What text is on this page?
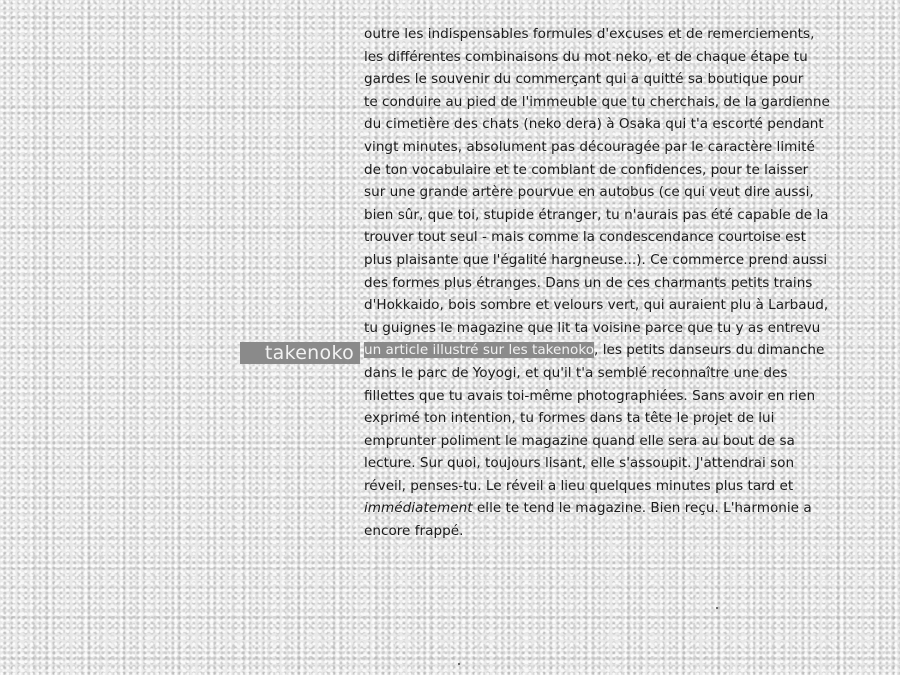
takenoko
outre les indispensables formules d'excuses et de remerciements,
les différentes combinaisons du mot neko, et de chaque étape tu
gardes le souvenir du commerçant qui a quitté sa boutique pour
te conduire au pied de l'immeuble que tu cherchais, de la gardienne
du cimetière des chats (neko dera) à Osaka qui t'a escorté pendant
vingt minutes, absolument pas découragée par le caractère limité
de ton vocabulaire et te comblant de confidences, pour te laisser
sur une grande artère pourvue en autobus (ce qui veut dire aussi,
bien sûr, que toi, stupide étranger, tu n'aurais pas été capable de la
trouver tout seul - mais comme la condescendance courtoise est
plus plaisante que l'égalité hargneuse...). Ce commerce prend aussi
des formes plus étranges. Dans un de ces charmants petits trains
d'Hokkaido, bois sombre et velours vert, qui auraient plu à Larbaud,
tu guignes le magazine que lit ta voisine parce que tu y as entrevu
un article illustré sur les takenoko, les petits danseurs du dimanche
dans le parc de Yoyogi, et qu'il t'a semblé reconnaître une des
fillettes que tu avais toi-même photographiées. Sans avoir en rien
exprimé ton intention, tu formes dans ta tête le projet de lui
emprunter poliment le magazine quand elle sera au bout de sa
lecture. Sur quoi, toujours lisant, elle s'assoupit. J'attendrai son
réveil, penses-tu. Le réveil a lieu quelques minutes plus tard et
immédiatement elle te tend le magazine. Bien reçu. L'harmonie a
encore frappé.
